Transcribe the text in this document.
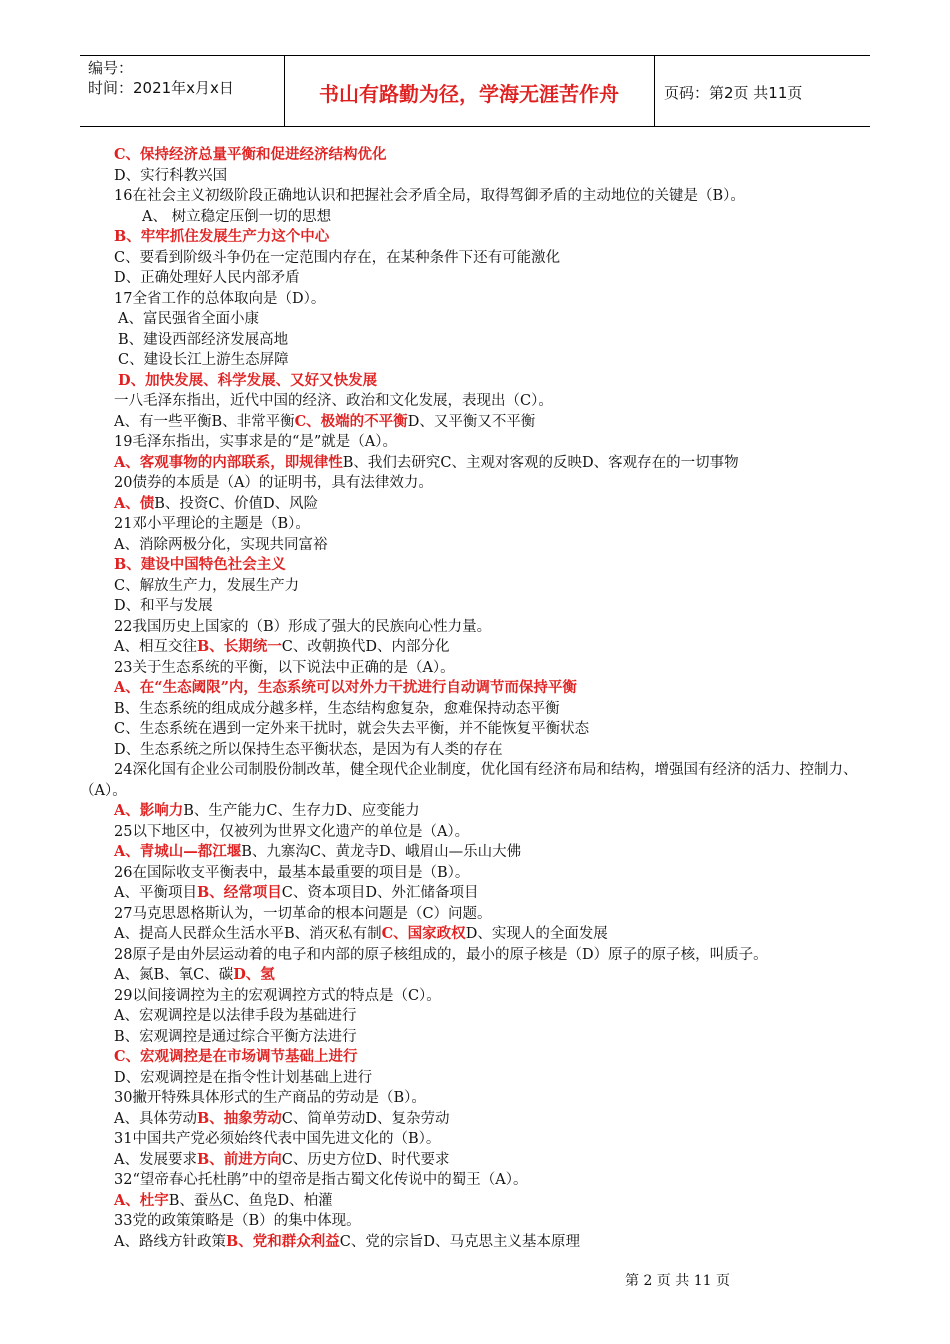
编号：
时间：2021年x月x日	书山有路勤为径，学海无涯苦作舟	页码：第2页 共11页
C、保持经济总量平衡和促进经济结构优化
D、实行科教兴国
16在社会主义初级阶段正确地认识和把握社会矛盾全局，取得驾御矛盾的主动地位的关键是（B）。
A、 树立稳定压倒一切的思想
B、牢牢抓住发展生产力这个中心
C、要看到阶级斗争仍在一定范围内存在，在某种条件下还有可能激化
D、正确处理好人民内部矛盾
17全省工作的总体取向是（D）。
A、富民强省全面小康
B、建设西部经济发展高地
C、建设长江上游生态屏障
D、加快发展、科学发展、又好又快发展
一八毛泽东指出，近代中国的经济、政治和文化发展，表现出（C）。
A、有一些平衡B、非常平衡C、极端的不平衡D、又平衡又不平衡
19毛泽东指出，实事求是的“是”就是（A）。
A、客观事物的内部联系，即规律性B、我们去研究C、主观对客观的反映D、客观存在的一切事物
20债券的本质是（A）的证明书，具有法律效力。
A、债B、投资C、价值D、风险
21邓小平理论的主题是（B）。
A、消除两极分化，实现共同富裕
B、建设中国特色社会主义
C、解放生产力，发展生产力
D、和平与发展
22我国历史上国家的（B）形成了强大的民族向心性力量。
A、相互交往B、长期统一C、改朝换代D、内部分化
23关于生态系统的平衡，以下说法中正确的是（A）。
A、在“生态阈限”内，生态系统可以对外力干扰进行自动调节而保持平衡
B、生态系统的组成成分越多样，生态结构愈复杂，愈难保持动态平衡
C、生态系统在遇到一定外来干扰时，就会失去平衡，并不能恢复平衡状态
D、生态系统之所以保持生态平衡状态，是因为有人类的存在
24深化国有企业公司制股份制改革，健全现代企业制度，优化国有经济布局和结构，增强国有经济的活力、控制力、（A）。
A、影响力B、生产能力C、生存力D、应变能力
25以下地区中，仅被列为世界文化遗产的单位是（A）。
A、青城山—都江堰B、九寨沟C、黄龙寺D、峨眉山—乐山大佛
26在国际收支平衡表中，最基本最重要的项目是（B）。
A、平衡项目B、经常项目C、资本项目D、外汇储备项目
27马克思恩格斯认为，一切革命的根本问题是（C）问题。
A、提高人民群众生活水平B、消灭私有制C、国家政权D、实现人的全面发展
28原子是由外层运动着的电子和内部的原子核组成的，最小的原子核是（D）原子的原子核，叫质子。
A、氮B、氧C、碳D、氢
29以间接调控为主的宏观调控方式的特点是（C）。
A、宏观调控是以法律手段为基础进行
B、宏观调控是通过综合平衡方法进行
C、宏观调控是在市场调节基础上进行
D、宏观调控是在指令性计划基础上进行
30撇开特殊具体形式的生产商品的劳动是（B）。
A、具体劳动B、抽象劳动C、简单劳动D、复杂劳动
31中国共产党必须始终代表中国先进文化的（B）。
A、发展要求B、前进方向C、历史方位D、时代要求
32“望帝春心托杜鹃”中的望帝是指古蜀文化传说中的蜀王（A）。
A、杜宇B、蚕丛C、鱼凫D、柏灌
33党的政策策略是（B）的集中体现。
A、路线方针政策B、党和群众利益C、党的宗旨D、马克思主义基本原理
第 2 页 共 11 页
